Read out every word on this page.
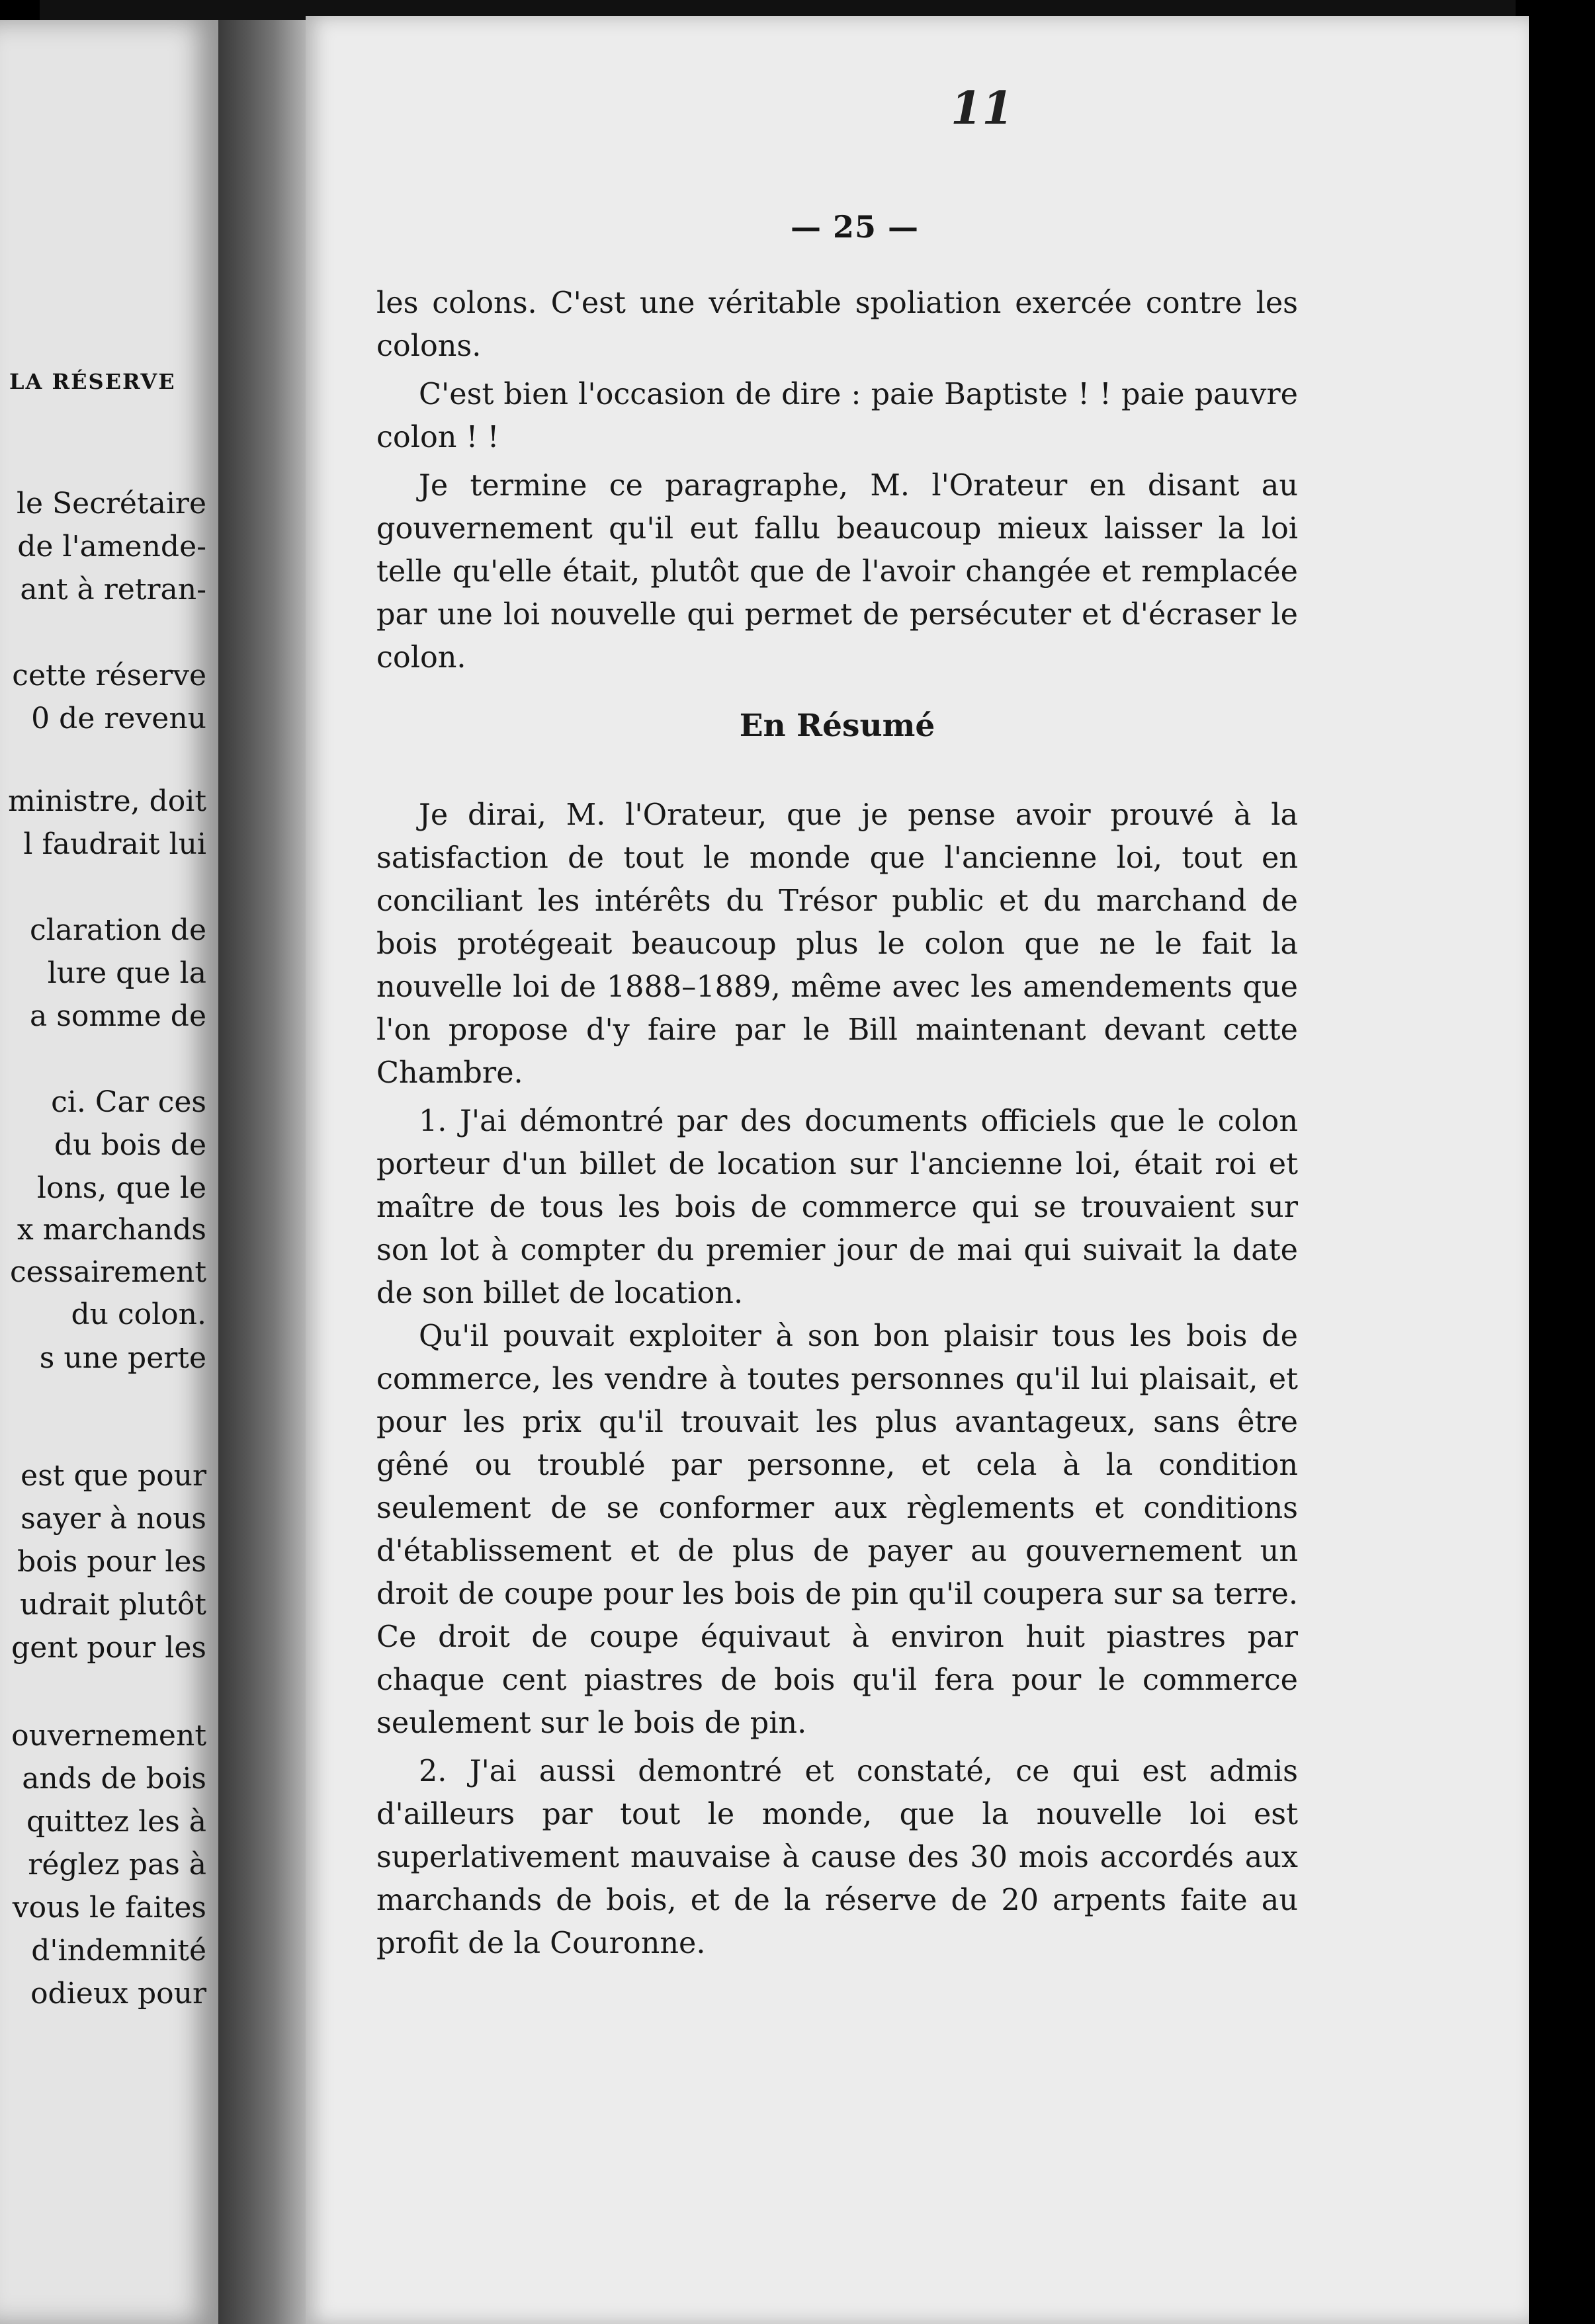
LA RÉSERVE
le Secrétaire
de l'amende-
ant à retran-
cette réserve
0 de revenu
ministre, doit
l faudrait lui
claration de
lure que la
a somme de
ci. Car ces
du bois de
lons, que le
x marchands
cessairement
du colon.
s une perte
est que pour
sayer à nous
bois pour les
udrait plutôt
gent pour les
ouvernement
ands de bois
quittez les à
réglez pas à
vous le faites
d'indemnité
odieux pour
11
— 25 —

les colons. C'est une véritable spoliation exercée contre les colons.

C'est bien l'occasion de dire : paie Baptiste ! ! paie pauvre colon ! !

Je termine ce paragraphe, M. l'Orateur en disant au gouvernement qu'il eut fallu beaucoup mieux laisser la loi telle qu'elle était, plutôt que de l'avoir changée et remplacée par une loi nouvelle qui permet de persécuter et d'écraser le colon.

En Résumé

Je dirai, M. l'Orateur, que je pense avoir prouvé à la satisfaction de tout le monde que l'ancienne loi, tout en conciliant les intérêts du Trésor public et du marchand de bois protégeait beaucoup plus le colon que ne le fait la nouvelle loi de 1888–1889, même avec les amendements que l'on propose d'y faire par le Bill maintenant devant cette Chambre.

1. J'ai démontré par des documents officiels que le colon porteur d'un billet de location sur l'ancienne loi, était roi et maître de tous les bois de commerce qui se trouvaient sur son lot à compter du premier jour de mai qui suivait la date de son billet de location.

Qu'il pouvait exploiter à son bon plaisir tous les bois de commerce, les vendre à toutes personnes qu'il lui plaisait, et pour les prix qu'il trouvait les plus avantageux, sans être gêné ou troublé par personne, et cela à la condition seulement de se conformer aux règlements et conditions d'établissement et de plus de payer au gouvernement un droit de coupe pour les bois de pin qu'il coupera sur sa terre. Ce droit de coupe équivaut à environ huit piastres par chaque cent piastres de bois qu'il fera pour le commerce seulement sur le bois de pin.

2. J'ai aussi demontré et constaté, ce qui est admis d'ailleurs par tout le monde, que la nouvelle loi est superlativement mauvaise à cause des 30 mois accordés aux marchands de bois, et de la réserve de 20 arpents faite au profit de la Couronne.
